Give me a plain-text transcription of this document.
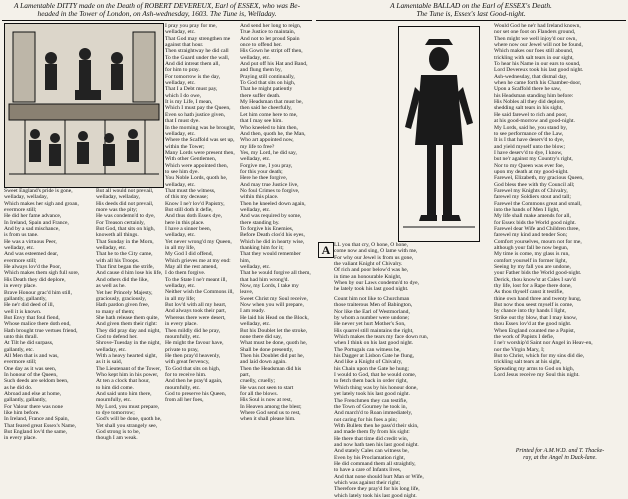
A Lamentable DITTY made on the Death of ROBERT DEVEREUX, Earl of ESSEX, who was Be-
headed in the Tower of London, on Ash-wednesday, 1603. The Tune is, Welladay.
Sweet England's pride is gone,
welladay, welladay,
Which makes her sigh and groan,
evermore still;
He did her fame advance,
In Ireland, Spain and France,
And by a sad mischance,
is from us tane.
He was a virtuous Peer,
welladay, etc.
And was esteemed dear,
evermore still;
He always lov'd the Poor,
Which makes them sigh full sore,
His Death they did deplore,
in every place.
Brave Honour grac'd him still,
gallantly, gallantly,
He ne'r did deed of ill,
well it is known.
But Envy that foul fiend,
Whose malice there doth end,
Hath brought true vertues friend,
unto this thrall.
At Tilt he did surpass,
gallantly, etc.
All Men that is and was,
evermore still;
One day as it was seen,
In honour of the Queen,
Such deeds are seldom been,
as he did do.
Abroad and else at home,
gallantly, gallantly,
For Valour there was none
like him before.
In Ireland, France and Spain,
That feared great Essex's Name,
But England lov'd the same,
in every place.
But all would not prevail,
welladay, welladay,
His deeds did not prevail,
more was the pity;
He was condemn'd to dye,
For Treason certainly,
But God, that sits on high,
knoweth all things.
That Sunday in the Morn,
welladay, etc.
That he to the City came,
with all his Troops.
That first began the strife,
And cause d him lose his life,
And others did the like,
as well as he.
Yet her Princely Majesty,
graciously, graciously,
Hath pardon given free,
to many of them;
She hath release them quite,
And given them their right:
They did pray day and night,
God to defend her.
Shrove-Tuesday in the night,
welladay, etc.
With a heavy hearted sight,
as it is said,
The Lieutenant of the Tower,
Who kept him in his power,
At ten a clock that hour,
to him did come.
And said unto him there,
mournfully, etc.
My Lord, you must prepare,
to dye tomorrow;
God's will be done, quoth he,
Yet shall you strangely see,
God strong is to be,
though I am weak.
I pray you pray for me,
welladay, etc.
That God may strengthen me
against that hour.
Then straightway he did call
To the Guard under the wall,
And did intreat them all,
for him to pray.
For tomorrow is the day,
welladay, etc.
That I a Debt must pay,
which I do owe,
It is my Life, I mean,
Which I must pay the Queen,
Even so hath justice given,
that I must dye.
In the morning was he brought,
welladay, etc.
Where the Scaffold was set up,
within the Tower;
Many Lords were present then,
With other Gentlemen,
Which were appointed then,
to see him dye.
You Noble Lords, quoth he,
welladay, etc.
That must the witness,
of this my decease;
Know I ne'r lov'd Papistry,
But still doth it defie,
And thus doth Essex dye,
here in this place.
I have a sinner been,
welladay, etc.
Yet never wrong'd my Queen,
in all my life,
My God I did offend,
Which grieves me at my end:
May all the rest amend,
I do them forgive.
To the State I ne'r meant ill,
welladay, etc.
Neither wish the Commons ill,
in all my life;
But lov'd with all my heart,
And always took their part,
Whereas there were desert,
in every place.
Then mildly did he pray,
mournfully, etc.
He might the favour have,
private to pray,
He then pray'd heavenly,
with great fervency,
To God that sits on high,
for to receive him.
And then he pray'd again,
mournfully, etc.
God to preserve his Queen,
from all her foes,
And send her long to reign,
True Justice to maintain,
And not to let proud Spain
once to offend her.
His Gown he stript off then,
welladay, etc.
And put off his Hat and Band,
and flung them by,
Praying still continually,
To God that sits on high,
That he might patiently
there suffer death.
My Headsman that must be,
then said he cheerfully,
Let him come here to me,
that I may see him.
Who kneeled to him then,
And then, quoth he, the Man,
Who art appointed now,
my life to free?
Yes, my Lord, he did say,
welladay, etc.
Forgive me, I you pray,
for this your death;
Here he thee forgive,
And may true Justice live,
No foul Crimes to forgive,
within this place.
Then he kneeled down again,
welladay, etc.
And was required by some,
there standing by.
To forgive his Enemies,
Before Death clos'd his eyes,
Which he did in hearty wise,
thanking him for it;
That they would remember him,
welladay, etc.
That he would forgive all them,
that had him wrong'd.
Now, my Lords, I take my leave,
Sweet Christ my Soul receive,
Now when you will prepare,
I am ready.
He laid his Head on the Block,
welladay, etc.
But his Doublet let the stroke,
none there did say,
What must be done, quoth he,
Shall be done presently,
Then his Doublet did put he,
and laid down again.
Then the Headsman did his part,
cruelly, cruelly;
He was not seen to start
for all the blows.
His Soul is now at rest,
In Heaven among the blest;
Where God send us to rest,
when it shall please him.
A Lamentable BALLAD on the Earl of ESSEX's Death.
The Tune is, Essex's last Good-night.
A LL you that cry, O hone, O hone,
come now and sing, O lame with me,
For why our Jewel is from us gone,
the valiant Knight of Chivalry.
Of rich and poor below'd was he,
in time an honourable Knight,
When by our Laws condemn'd to dye,
he lately took his last good night.
Count him not like to Churchman
those traiterous Men of Babington,
Nor like the Earl of Westmorland,
by whom a number were undone;
He never yet hurt Mother's Son,
His quarrel still maintains the right,
Which makes the tears my face down run,
when I think on his last good night.
The Portugals can witness be,
his Dagger at Lisbon Gate he flung,
And like a Knight of Chivalry,
his Chain upon the Gate he hung;
I would to God, that he would come,
to fetch them back in order right,
Which thing was by his honour done,
yet lately took his last good night.
The Frenchmen they can testifie,
the Town of Gourney he took in,
And march'd to Roan immediately,
not caring for his foes a pin;
With Bullets then he pass'd their skin,
and made them fly from his sight:
He there that time did credit win,
and now hath taen his last good night.
And stately Cales can witness be,
Even by his Proclamation right,
He did command them all straightly,
to have a care of Infants lives,
And that none should hurt Man or Wife,
which was against their right;
Therefore they pray'd for his long life,
which lately took his last good night.
Would God he ne'r had Ireland known,
nor set one foot on Flanders ground,
Then might we well injoy'd our own,
where now our Jewel will not be found,
Which makes our foes still abound,
trickling with salt tears in our sight,
To hear his Name in our ears to sound,
Lord Devereux took his last good night.
Ash-wednesday, that dismal day,
when he came forth his Chamber-door,
Upon a Scaffold there he saw,
his Headsman standing him before:
His Nobles all they did deplore,
shedding salt tears in his sight,
He said farewel to rich and poor,
at his good-morrow and good-night.
My Lords, said he, you stand by,
to see performance of the Law,
It is I that have deserv'd to dye,
and yield myself unto the blow;
I have deserv'd to dye, I know,
but ne'r against my Country's right,
Nor to my Queen was ever foe,
upon my death at my good-night.
Farewel, Elizabeth, my gracious Queen,
God bless thee with thy Council all;
Farewel my Knights of Chivalry,
farewel my Soldiers stout and tall;
Farewel the Commons great and small,
into the hands of Men I light,
My life shall make amends for all,
for Essex bids the World good night.
Farewel dear Wife and Children three,
farewel my kind and tender Son;
Comfort yourselves, mourn not for me,
although your fall be now begun,
My time is come, my glass is run,
comfort yourself in former light,
Seeing by my fall you are undone,
your Father bids the World good-night.
Derick, thou know'st at Cales I sav'd
thy life, lost for a Rape there done,
As thou thyself canst it testifie,
thine own hand three and twenty hung,
But now thou seest myself is come,
by chance into thy hands I light,
Strike out thy blow, that I may know,
thou Essex lov'd at the good night.
When England counted me a Papist,
the work of Papists I defie,
I ne'r worship'd Saint nor Angel in Heav-en,
nor the Virgin Mary, I;
But to Christ, which for my sins did die,
trickling salt tears at his sight,
Spreading my arms to God on high,
Lord Jesus receive my Soul this night.
Printed for A.M.W.D. and T. Thacke-
ray, at the Angel in Duck-lane.
